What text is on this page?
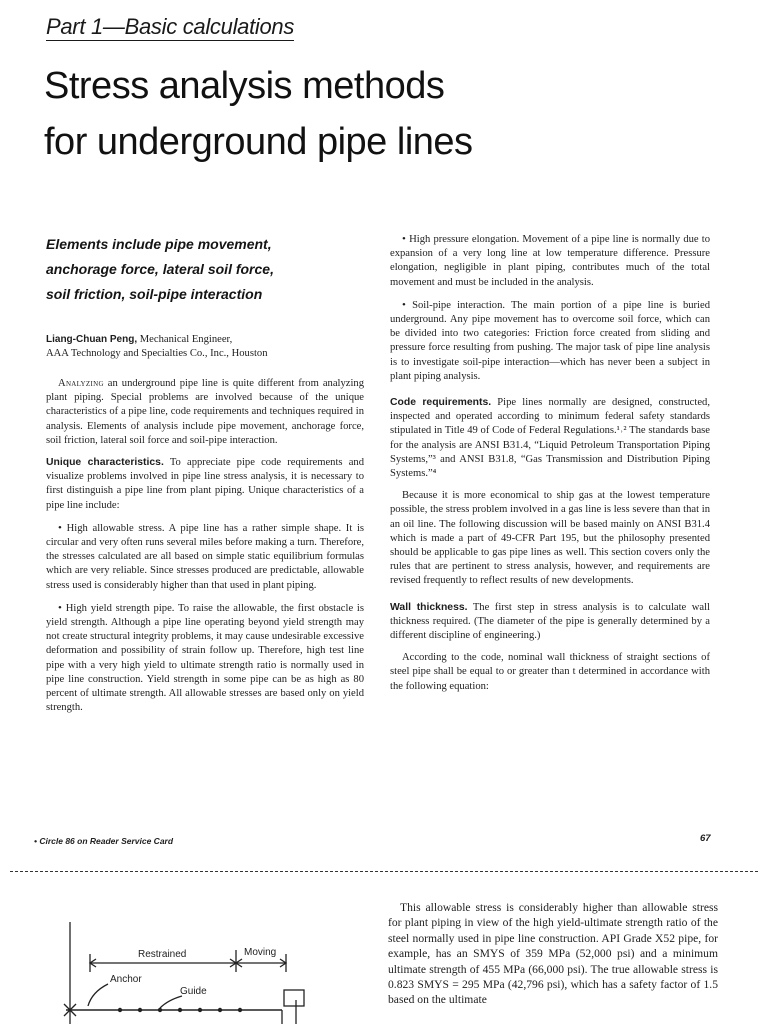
Part 1—Basic calculations
Stress analysis methods
for underground pipe lines
Elements include pipe movement,
anchorage force, lateral soil force,
soil friction, soil-pipe interaction
Liang-Chuan Peng, Mechanical Engineer,
AAA Technology and Specialties Co., Inc., Houston

Analyzing an underground pipe line is quite different from analyzing plant piping. Special problems are involved because of the unique characteristics of a pipe line, code requirements and techniques required in analysis. Elements of analysis include pipe movement, anchorage force, soil friction, lateral soil force and soil-pipe interaction.

Unique characteristics. To appreciate pipe code requirements and visualize problems involved in pipe line stress analysis, it is necessary to first distinguish a pipe line from plant piping. Unique characteristics of a pipe line include:

• High allowable stress. A pipe line has a rather simple shape. It is circular and very often runs several miles before making a turn. Therefore, the stresses calculated are all based on simple static equilibrium formulas which are very reliable. Since stresses produced are predictable, allowable stress used is considerably higher than that used in plant piping.

• High yield strength pipe. To raise the allowable, the first obstacle is yield strength. Although a pipe line operating beyond yield strength may not create structural integrity problems, it may cause undesirable excessive deformation and possibility of strain follow up. Therefore, high test line pipe with a very high yield to ultimate strength ratio is normally used in pipe line construction. Yield strength in some pipe can be as high as 80 percent of ultimate strength. All allowable stresses are based only on yield strength.

• High pressure elongation. Movement of a pipe line is normally due to expansion of a very long line at low temperature difference. Pressure elongation, negligible in plant piping, contributes much of the total movement and must be included in the analysis.

• Soil-pipe interaction. The main portion of a pipe line is buried underground. Any pipe movement has to overcome soil force, which can be divided into two categories: Friction force created from sliding and pressure force resulting from pushing. The major task of pipe line analysis is to investigate soil-pipe interaction—which has never been a subject in plant piping analysis.

Code requirements. Pipe lines normally are designed, constructed, inspected and operated according to minimum federal safety standards stipulated in Title 49 of Code of Federal Regulations.¹˒² The standards base for the analysis are ANSI B31.4, “Liquid Petroleum Transportation Piping Systems,”³ and ANSI B31.8, “Gas Transmission and Distribution Piping Systems.”⁴

Because it is more economical to ship gas at the lowest temperature possible, the stress problem involved in a gas line is less severe than that in an oil line. The following discussion will be based mainly on ANSI B31.4 which is made a part of 49-CFR Part 195, but the philosophy presented should be applicable to gas pipe lines as well. This section covers only the rules that are pertinent to stress analysis, however, and requirements are revised frequently to reflect results of new developments.

Wall thickness. The first step in stress analysis is to calculate wall thickness required. (The diameter of the pipe is generally determined by a different discipline of engineering.)

According to the code, nominal wall thickness of straight sections of steel pipe shall be equal to or greater than t determined in accordance with the following equation:

• Circle 86 on Reader Service Card	67
Restrained	Moving
Anchor
Guide

This allowable stress is considerably higher than allowable stress for plant piping in view of the high yield-ultimate strength ratio of the steel normally used in pipe line construction. API Grade X52 pipe, for example, has an SMYS of 359 MPa (52,000 psi) and a minimum ultimate strength of 455 MPa (66,000 psi). The true allowable stress is 0.823 SMYS = 295 MPa (42,796 psi), which has a safety factor of 1.5 based on the ultimate
